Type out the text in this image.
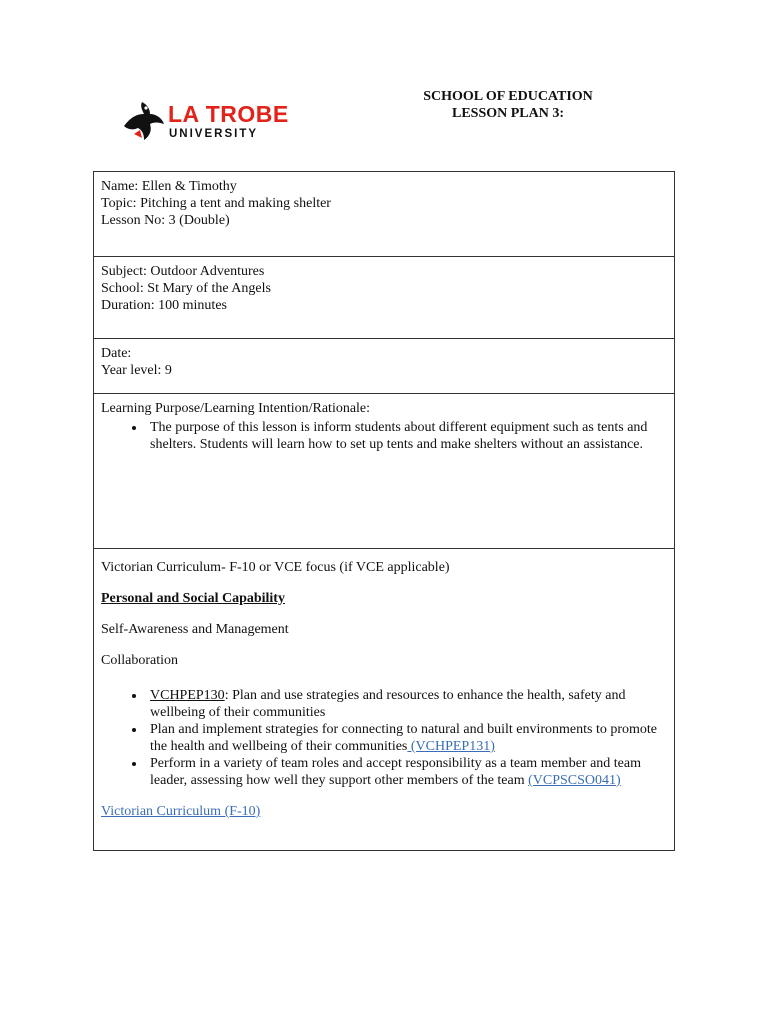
LA TROBE
UNIVERSITY
SCHOOL OF EDUCATION
LESSON PLAN 3:
Name: Ellen & Timothy
Topic: Pitching a tent and making shelter
Lesson No: 3 (Double)
Subject: Outdoor Adventures
School: St Mary of the Angels
Duration: 100 minutes
Date:
Year level: 9
Learning Purpose/Learning Intention/Rationale:
• The purpose of this lesson is inform students about different equipment such as tents and shelters. Students will learn how to set up tents and make shelters without an assistance.

Victorian Curriculum- F-10 or VCE focus (if VCE applicable)

Personal and Social Capability

Self-Awareness and Management

Collaboration

• VCHPEP130: Plan and use strategies and resources to enhance the health, safety and wellbeing of their communities
• Plan and implement strategies for connecting to natural and built environments to promote the health and wellbeing of their communities (VCHPEP131)
• Perform in a variety of team roles and accept responsibility as a team member and team leader, assessing how well they support other members of the team (VCPSCSO041)

Victorian Curriculum (F-10)
